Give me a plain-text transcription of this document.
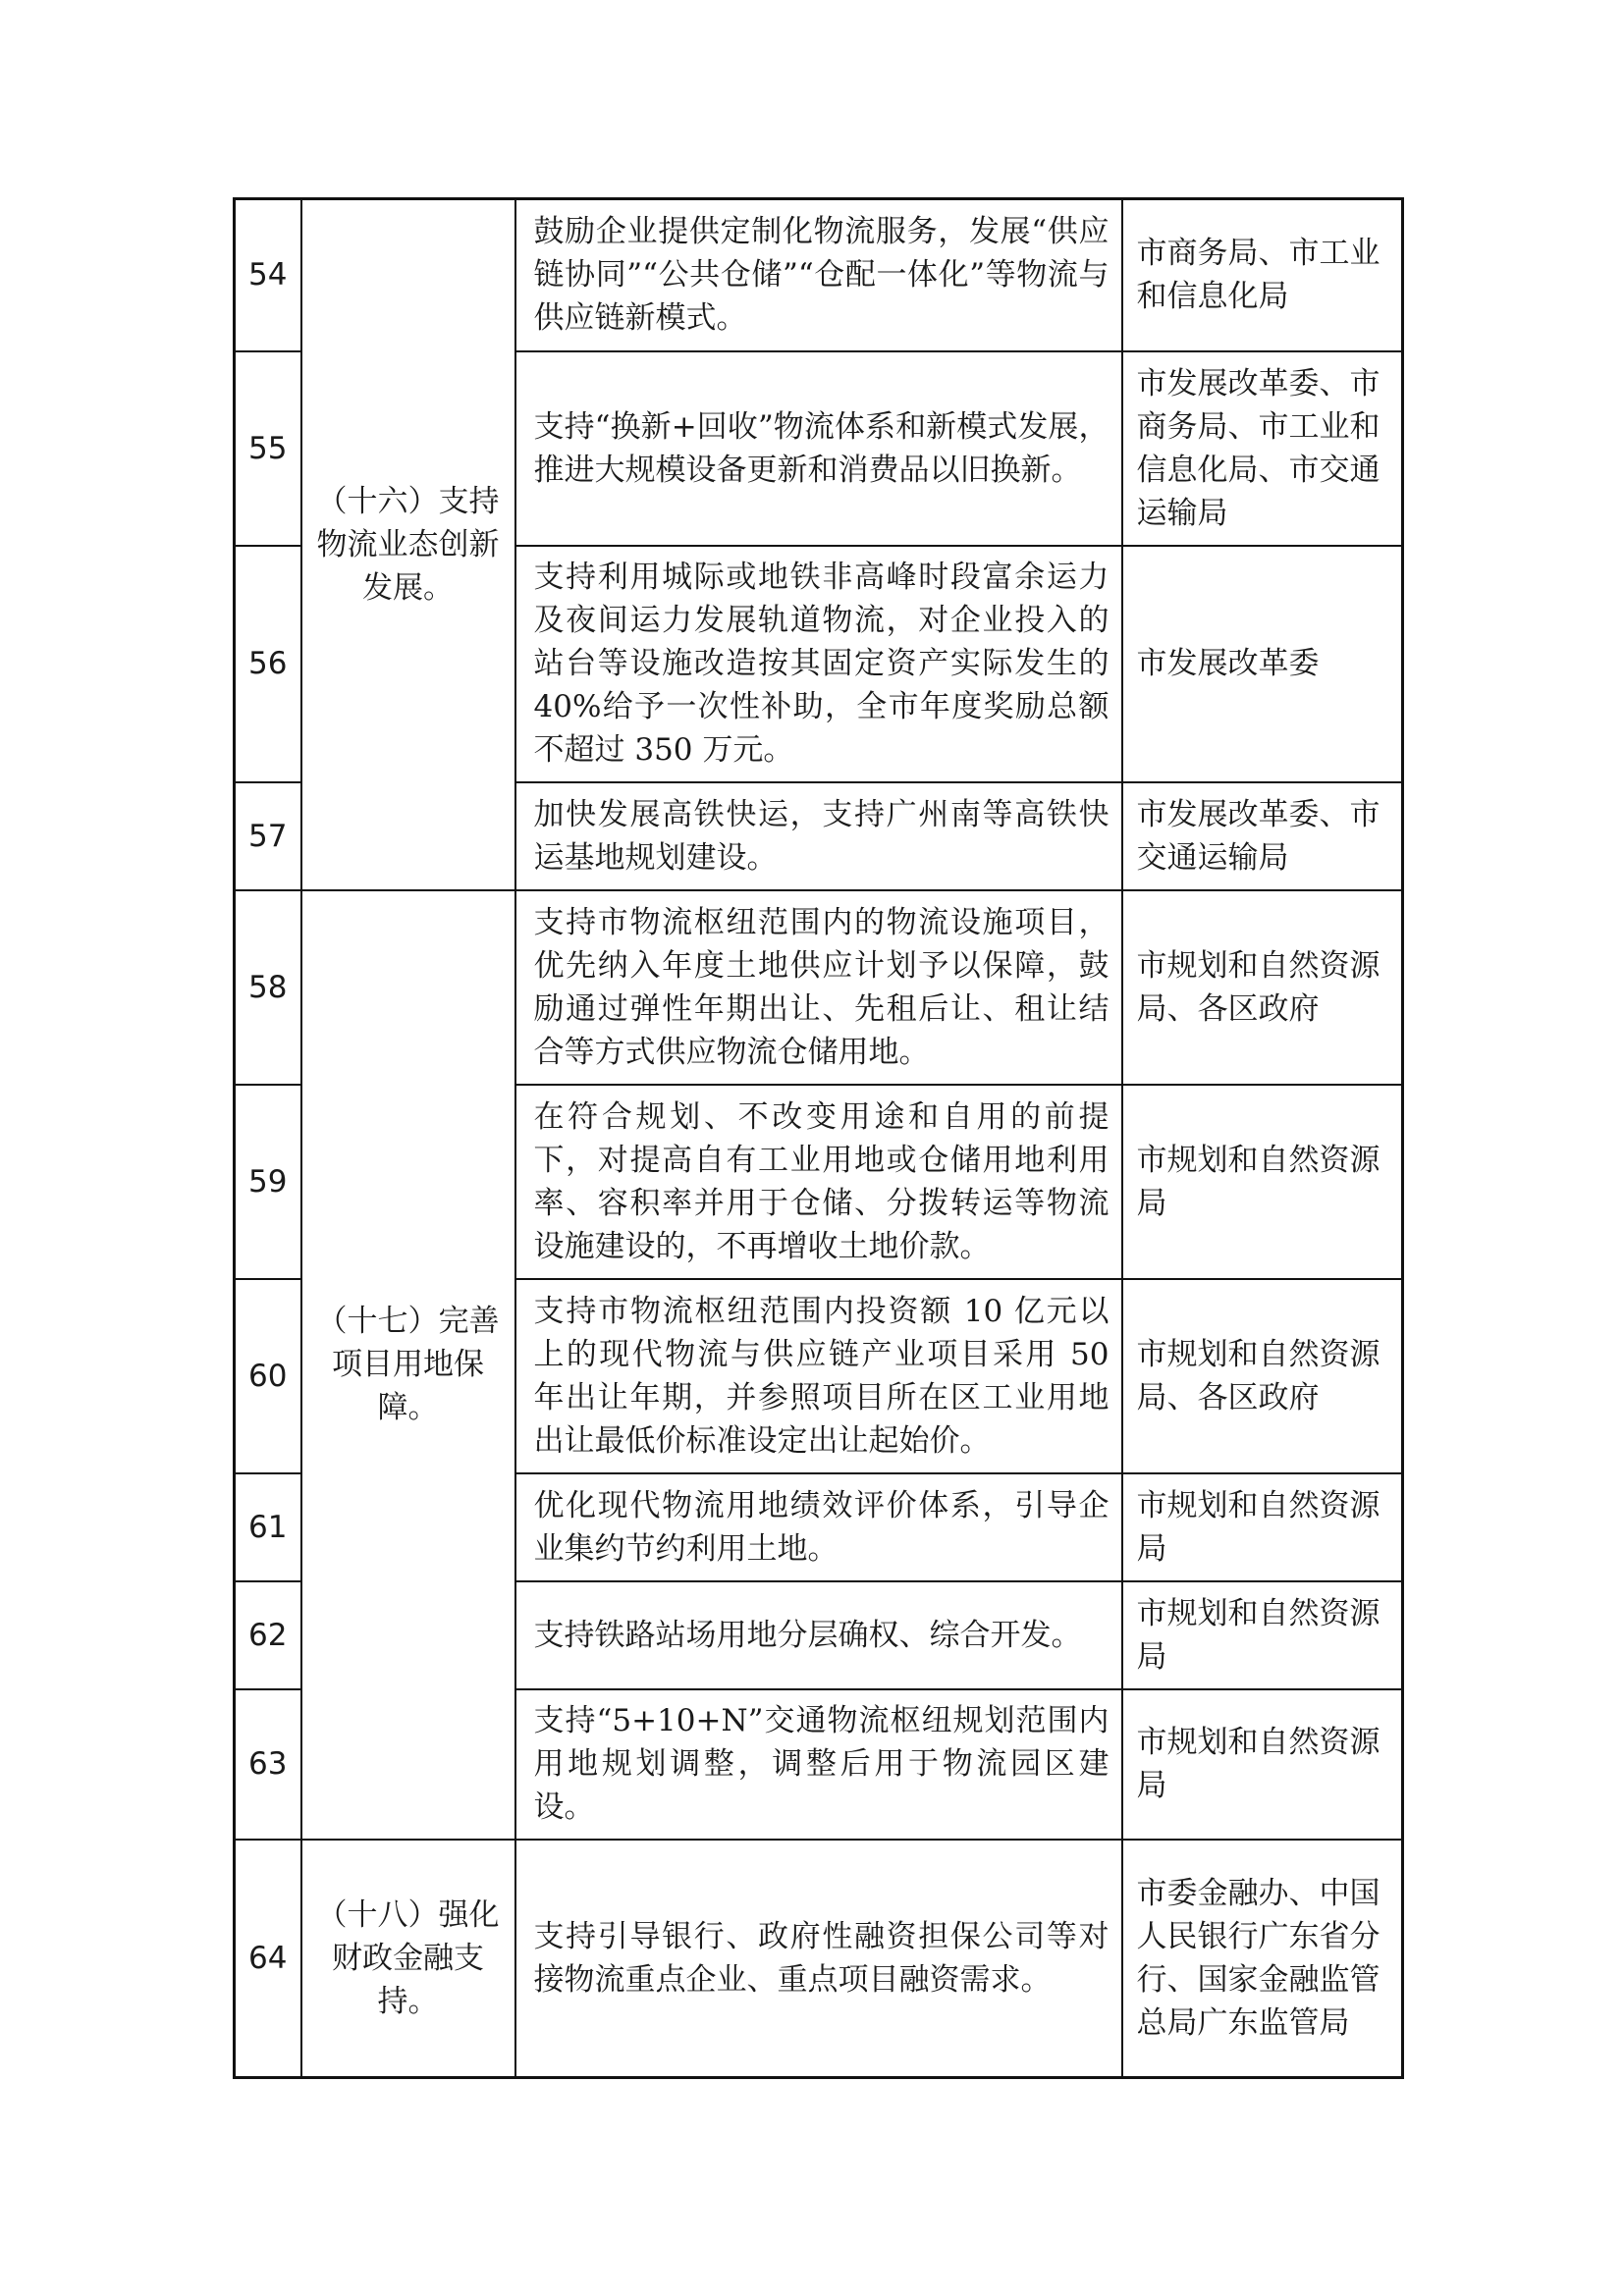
54	（十六）支持物流业态创新发展。	鼓励企业提供定制化物流服务，发展“供应链协同”“公共仓储”“仓配一体化”等物流与供应链新模式。	市商务局、市工业和信息化局
55		支持“换新+回收”物流体系和新模式发展，推进大规模设备更新和消费品以旧换新。	市发展改革委、市商务局、市工业和信息化局、市交通运输局
56		支持利用城际或地铁非高峰时段富余运力及夜间运力发展轨道物流，对企业投入的站台等设施改造按其固定资产实际发生的 40%给予一次性补助，全市年度奖励总额不超过 350 万元。	市发展改革委
57		加快发展高铁快运，支持广州南等高铁快运基地规划建设。	市发展改革委、市交通运输局
58	（十七）完善项目用地保障。	支持市物流枢纽范围内的物流设施项目，优先纳入年度土地供应计划予以保障，鼓励通过弹性年期出让、先租后让、租让结合等方式供应物流仓储用地。	市规划和自然资源局、各区政府
59		在符合规划、不改变用途和自用的前提下，对提高自有工业用地或仓储用地利用率、容积率并用于仓储、分拨转运等物流设施建设的，不再增收土地价款。	市规划和自然资源局
60		支持市物流枢纽范围内投资额 10 亿元以上的现代物流与供应链产业项目采用 50 年出让年期，并参照项目所在区工业用地出让最低价标准设定出让起始价。	市规划和自然资源局、各区政府
61		优化现代物流用地绩效评价体系，引导企业集约节约利用土地。	市规划和自然资源局
62		支持铁路站场用地分层确权、综合开发。	市规划和自然资源局
63		支持“5+10+N”交通物流枢纽规划范围内用地规划调整，调整后用于物流园区建设。	市规划和自然资源局
64	（十八）强化财政金融支持。	支持引导银行、政府性融资担保公司等对接物流重点企业、重点项目融资需求。	市委金融办、中国人民银行广东省分行、国家金融监管总局广东监管局
